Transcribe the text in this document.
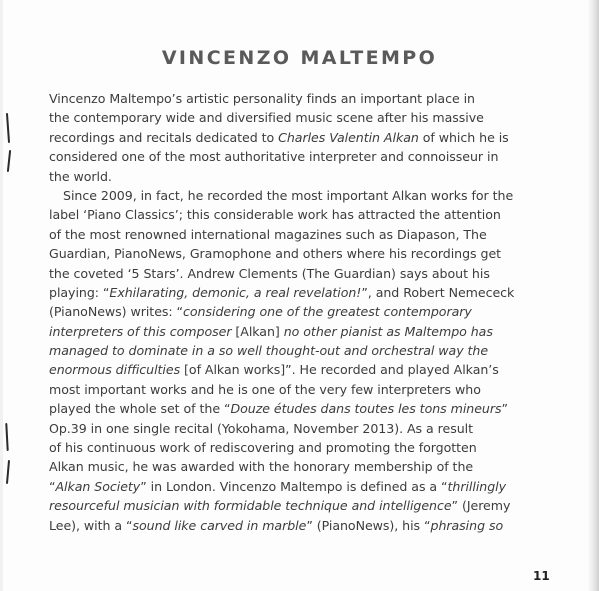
VINCENZO MALTEMPO
Vincenzo Maltempo’s artistic personality finds an important place in
the contemporary wide and diversified music scene after his massive
recordings and recitals dedicated to Charles Valentin Alkan of which he is
considered one of the most authoritative interpreter and connoisseur in
the world.
Since 2009, in fact, he recorded the most important Alkan works for the
label ‘Piano Classics’; this considerable work has attracted the attention
of the most renowned international magazines such as Diapason, The
Guardian, PianoNews, Gramophone and others where his recordings get
the coveted ‘5 Stars’. Andrew Clements (The Guardian) says about his
playing: “Exhilarating, demonic, a real revelation!”, and Robert Nemececk
(PianoNews) writes: “considering one of the greatest contemporary
interpreters of this composer [Alkan] no other pianist as Maltempo has
managed to dominate in a so well thought-out and orchestral way the
enormous difficulties [of Alkan works]”. He recorded and played Alkan’s
most important works and he is one of the very few interpreters who
played the whole set of the “Douze études dans toutes les tons mineurs”
Op.39 in one single recital (Yokohama, November 2013). As a result
of his continuous work of rediscovering and promoting the forgotten
Alkan music, he was awarded with the honorary membership of the
“Alkan Society” in London. Vincenzo Maltempo is defined as a “thrillingly
resourceful musician with formidable technique and intelligence” (Jeremy
Lee), with a “sound like carved in marble” (PianoNews), his “phrasing so
11
